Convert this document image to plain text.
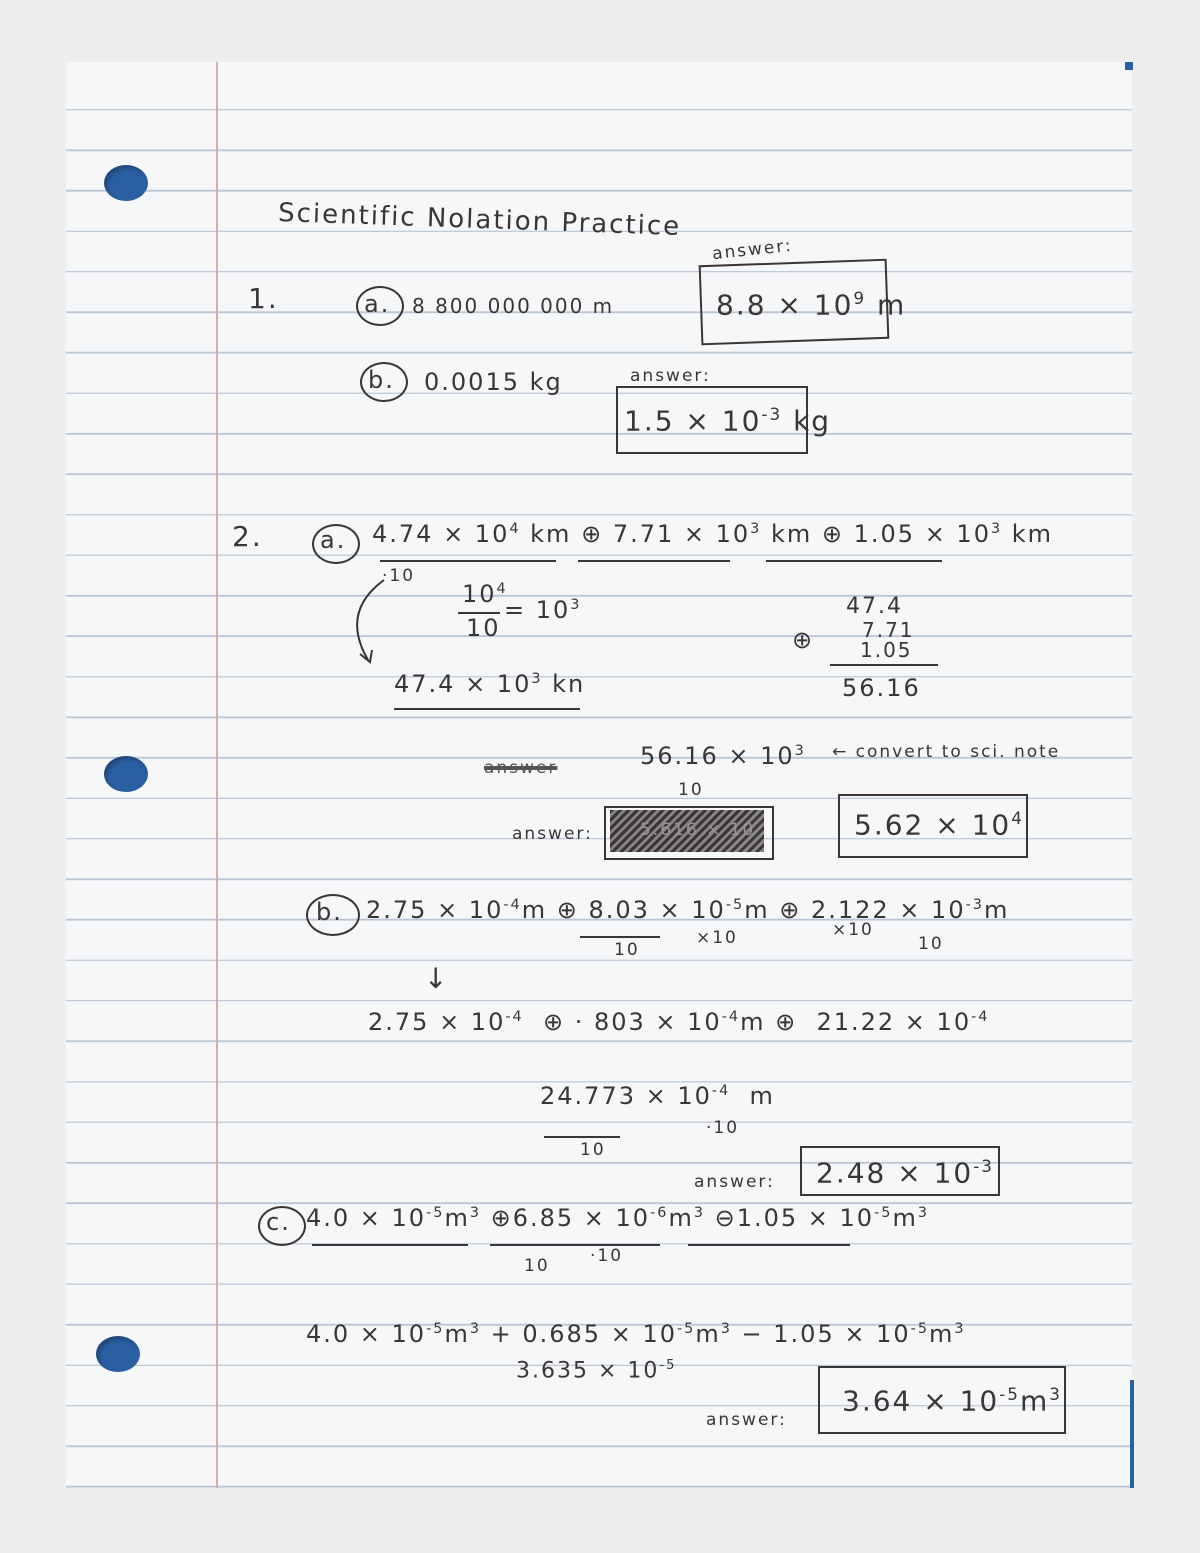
Scientific Nolation Practice
1.	a. 8 800 000 000 m
answer:
$8.8 \times 10^9$ m
b. 0.0015 kg	answer:
$1.5 \times 10^{-3}$ kg
2. a. $4.74 \times 10^4$ km ⊕ $7.71 \times 10^3$ km ⊕ $1.05 \times 10^3$ km
·10
$10^4$
10
= $10^3$
$47.4 \times 10^3$ kn
47.4
⊕ 7.71
1.05
56.16
answer	$56.16 \times 10^3$
10
← convert to sci. note
answer:	5.616 × 10	$5.62 \times 10^4$
b. $2.75 \times 10^{-4}m$ ⊕ $8.03 \times 10^{-5}m$ ⊕ $2.122 \times 10^{-3}m$
10
×10	×10
10
↓
$2.75 \times 10^{-4}$ ⊕ · $803 \times 10^{-4}m$ ⊕ $21.22 \times 10^{-4}$
$24.773 \times 10^{-4}$ m
10
·10
answer: $2.48 \times 10^{-3}$
c. $4.0 \times 10^{-5}m^3$ ⊕6.85 × $10^{-6}m^3$ ⊖1.05 × $10^{-5}m^3$
10 ·10
$4.0 \times 10^{-5}m^3 + 0.685 \times 10^{-5}m^3 - 1.05 \times 10^{-5}m^3$
$3.635 \times 10^{-5}$
answer:
$3.64 \times 10^{-5}m^3$
